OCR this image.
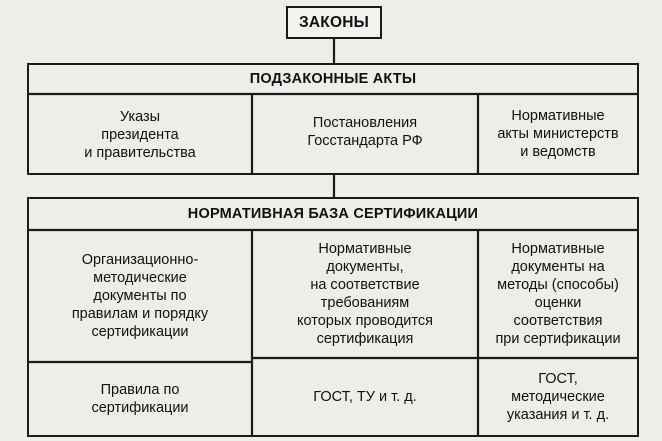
ЗАКОНЫ
ПОДЗАКОННЫЕ АКТЫ
Указы
президента
и правительства
Постановления
Госстандарта РФ
Нормативные
акты министерств
и ведомств
НОРМАТИВНАЯ БАЗА СЕРТИФИКАЦИИ
Организационно-
методические
документы по
правилам и порядку
сертификации
Нормативные
документы,
на соответствие
требованиям
которых проводится
сертификация
Нормативные
документы на
методы (способы)
оценки
соответствия
при сертификации
Правила по
сертификации
ГОСТ, ТУ и т. д.
ГОСТ,
методические
указания и т. д.
